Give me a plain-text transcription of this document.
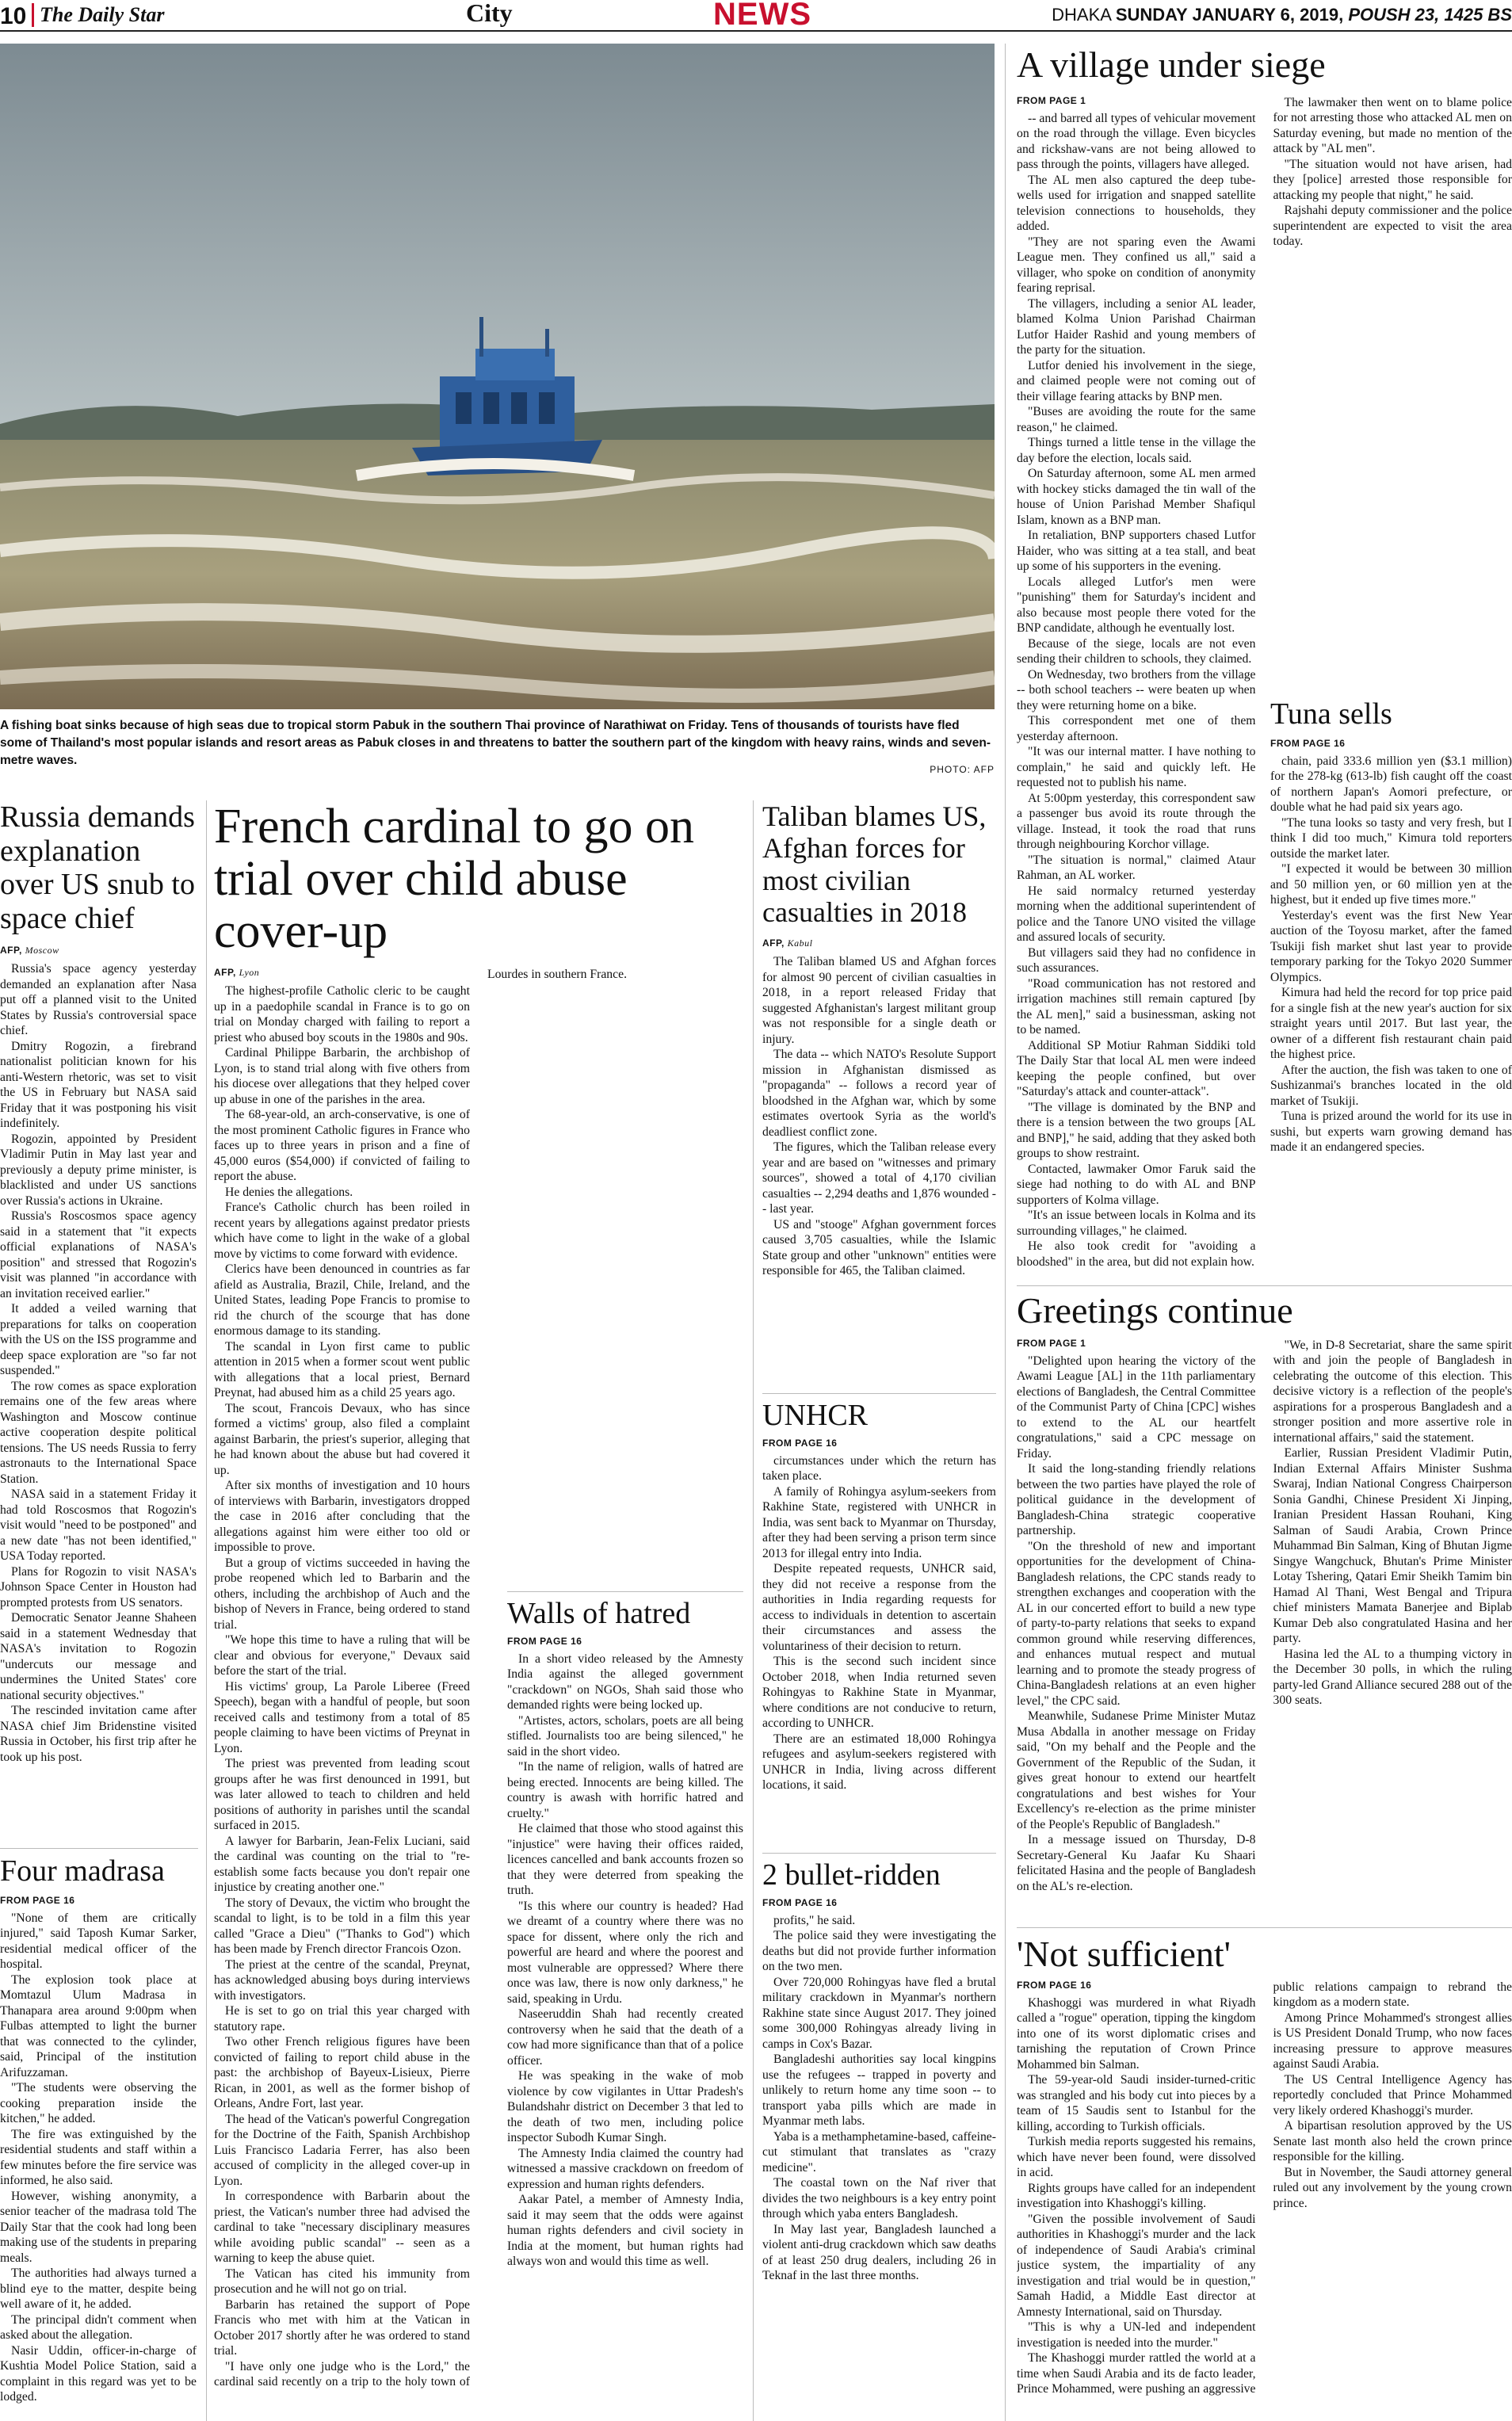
10 The Daily Star	City	NEWS	DHAKA SUNDAY JANUARY 6, 2019, POUSH 23, 1425 BS
A fishing boat sinks because of high seas due to tropical storm Pabuk in the southern Thai province of Narathiwat on Friday. Tens of thousands of tourists have fled some of Thailand's most popular islands and resort areas as Pabuk closes in and threatens to batter the southern part of the kingdom with heavy rains, winds and seven-metre waves.
PHOTO: AFP
A village under siege
FROM PAGE 1

-- and barred all types of vehicular movement on the road through the village. Even bicycles and rickshaw-vans are not being allowed to pass through the points, villagers have alleged.

The AL men also captured the deep tube-wells used for irrigation and snapped satellite television connections to households, they added.

"They are not sparing even the Awami League men. They confined us all," said a villager, who spoke on condition of anonymity fearing reprisal.

The villagers, including a senior AL leader, blamed Kolma Union Parishad Chairman Lutfor Haider Rashid and young members of the party for the situation.

Lutfor denied his involvement in the siege, and claimed people were not coming out of their village fearing attacks by BNP men.

"Buses are avoiding the route for the same reason," he claimed.

Things turned a little tense in the village the day before the election, locals said.

On Saturday afternoon, some AL men armed with hockey sticks damaged the tin wall of the house of Union Parishad Member Shafiqul Islam, known as a BNP man.

In retaliation, BNP supporters chased Lutfor Haider, who was sitting at a tea stall, and beat up some of his supporters in the evening.

Locals alleged Lutfor's men were "punishing" them for Saturday's incident and also because most people there voted for the BNP candidate, although he eventually lost.

Because of the siege, locals are not even sending their children to schools, they claimed.

On Wednesday, two brothers from the village -- both school teachers -- were beaten up when they were returning home on a bike.

This correspondent met one of them yesterday afternoon.

"It was our internal matter. I have nothing to complain," he said and quickly left. He requested not to publish his name.

At 5:00pm yesterday, this correspondent saw a passenger bus avoid its route through the village. Instead, it took the road that runs through neighbouring Korchor village.

"The situation is normal," claimed Ataur Rahman, an AL worker.

He said normalcy returned yesterday morning when the additional superintendent of police and the Tanore UNO visited the village and assured locals of security.

But villagers said they had no confidence in such assurances.

"Road communication has not restored and irrigation machines still remain captured [by the AL men]," said a businessman, asking not to be named.

Additional SP Motiur Rahman Siddiki told The Daily Star that local AL men were indeed keeping the people confined, but over "Saturday's attack and counter-attack".

"The village is dominated by the BNP and there is a tension between the two groups [AL and BNP]," he said, adding that they asked both groups to show restraint.

Contacted, lawmaker Omor Faruk said the siege had nothing to do with AL and BNP supporters of Kolma village.

"It's an issue between locals in Kolma and its surrounding villages," he claimed.

He also took credit for "avoiding a bloodshed" in the area, but did not explain how.

The lawmaker then went on to blame police for not arresting those who attacked AL men on Saturday evening, but made no mention of the attack by "AL men".

"The situation would not have arisen, had they [police] arrested those responsible for attacking my people that night," he said.

Rajshahi deputy commissioner and the police superintendent are expected to visit the area today.

Tuna sells
FROM PAGE 16

chain, paid 333.6 million yen ($3.1 million) for the 278-kg (613-lb) fish caught off the coast of northern Japan's Aomori prefecture, or double what he had paid six years ago.

"The tuna looks so tasty and very fresh, but I think I did too much," Kimura told reporters outside the market later.

"I expected it would be between 30 million and 50 million yen, or 60 million yen at the highest, but it ended up five times more."

Yesterday's event was the first New Year auction of the Toyosu market, after the famed Tsukiji fish market shut last year to provide temporary parking for the Tokyo 2020 Summer Olympics.

Kimura had held the record for top price paid for a single fish at the new year's auction for six straight years until 2017. But last year, the owner of a different fish restaurant chain paid the highest price.

After the auction, the fish was taken to one of Sushizanmai's branches located in the old market of Tsukiji.

Tuna is prized around the world for its use in sushi, but experts warn growing demand has made it an endangered species.

Russia demands explanation over US snub to space chief
AFP, Moscow

Russia's space agency yesterday demanded an explanation after Nasa put off a planned visit to the United States by Russia's controversial space chief.

Dmitry Rogozin, a firebrand nationalist politician known for his anti-Western rhetoric, was set to visit the US in February but NASA said Friday that it was postponing his visit indefinitely.

Rogozin, appointed by President Vladimir Putin in May last year and previously a deputy prime minister, is blacklisted and under US sanctions over Russia's actions in Ukraine.

Russia's Roscosmos space agency said in a statement that "it expects official explanations of NASA's position" and stressed that Rogozin's visit was planned "in accordance with an invitation received earlier."

It added a veiled warning that preparations for talks on cooperation with the US on the ISS programme and deep space exploration are "so far not suspended."

The row comes as space exploration remains one of the few areas where Washington and Moscow continue active cooperation despite political tensions. The US needs Russia to ferry astronauts to the International Space Station.

NASA said in a statement Friday it had told Roscosmos that Rogozin's visit would "need to be postponed" and a new date "has not been identified," USA Today reported.

Plans for Rogozin to visit NASA's Johnson Space Center in Houston had prompted protests from US senators.

Democratic Senator Jeanne Shaheen said in a statement Wednesday that NASA's invitation to Rogozin "undercuts our message and undermines the United States' core national security objectives."

The rescinded invitation came after NASA chief Jim Bridenstine visited Russia in October, his first trip after he took up his post.

Four madrasa
FROM PAGE 16

"None of them are critically injured," said Taposh Kumar Sarker, residential medical officer of the hospital.

The explosion took place at Momtazul Ulum Madrasa in Thanapara area around 9:00pm when Fulbas attempted to light the burner that was connected to the cylinder, said, Principal of the institution Arifuzzaman.

"The students were observing the cooking preparation inside the kitchen," he added.

The fire was extinguished by the residential students and staff within a few minutes before the fire service was informed, he also said.

However, wishing anonymity, a senior teacher of the madrasa told The Daily Star that the cook had long been making use of the students in preparing meals.

The authorities had always turned a blind eye to the matter, despite being well aware of it, he added.

The principal didn't comment when asked about the allegation.

Nasir Uddin, officer-in-charge of Kushtia Model Police Station, said a complaint in this regard was yet to be lodged.

French cardinal to go on trial over child abuse cover-up
AFP, Lyon

The highest-profile Catholic cleric to be caught up in a paedophile scandal in France is to go on trial on Monday charged with failing to report a priest who abused boy scouts in the 1980s and 90s.

Cardinal Philippe Barbarin, the archbishop of Lyon, is to stand trial along with five others from his diocese over allegations that they helped cover up abuse in one of the parishes in the area.

The 68-year-old, an arch-conservative, is one of the most prominent Catholic figures in France who faces up to three years in prison and a fine of 45,000 euros ($54,000) if convicted of failing to report the abuse.

He denies the allegations.

France's Catholic church has been roiled in recent years by allegations against predator priests which have come to light in the wake of a global move by victims to come forward with evidence.

Clerics have been denounced in countries as far afield as Australia, Brazil, Chile, Ireland, and the United States, leading Pope Francis to promise to rid the church of the scourge that has done enormous damage to its standing.

The scandal in Lyon first came to public attention in 2015 when a former scout went public with allegations that a local priest, Bernard Preynat, had abused him as a child 25 years ago.

The scout, Francois Devaux, who has since formed a victims' group, also filed a complaint against Barbarin, the priest's superior, alleging that he had known about the abuse but had covered it up.

After six months of investigation and 10 hours of interviews with Barbarin, investigators dropped the case in 2016 after concluding that the allegations against him were either too old or impossible to prove.

But a group of victims succeeded in having the probe reopened which led to Barbarin and the others, including the archbishop of Auch and the bishop of Nevers in France, being ordered to stand trial.

"We hope this time to have a ruling that will be clear and obvious for everyone," Devaux said before the start of the trial.

His victims' group, La Parole Liberee (Freed Speech), began with a handful of people, but soon received calls and testimony from a total of 85 people claiming to have been victims of Preynat in Lyon.

The priest was prevented from leading scout groups after he was first denounced in 1991, but was later allowed to teach to children and held positions of authority in parishes until the scandal surfaced in 2015.

A lawyer for Barbarin, Jean-Felix Luciani, said the cardinal was counting on the trial to "re-establish some facts because you don't repair one injustice by creating another one."

The story of Devaux, the victim who brought the scandal to light, is to be told in a film this year called "Grace a Dieu" ("Thanks to God") which has been made by French director Francois Ozon.

The priest at the centre of the scandal, Preynat, has acknowledged abusing boys during interviews with investigators.

He is set to go on trial this year charged with statutory rape.

Two other French religious figures have been convicted of failing to report child abuse in the past: the archbishop of Bayeux-Lisieux, Pierre Rican, in 2001, as well as the former bishop of Orleans, Andre Fort, last year.

The head of the Vatican's powerful Congregation for the Doctrine of the Faith, Spanish Archbishop Luis Francisco Ladaria Ferrer, has also been accused of complicity in the alleged cover-up in Lyon.

In correspondence with Barbarin about the priest, the Vatican's number three had advised the cardinal to take "necessary disciplinary measures while avoiding public scandal" -- seen as a warning to keep the abuse quiet.

The Vatican has cited his immunity from prosecution and he will not go on trial.

Barbarin has retained the support of Pope Francis who met with him at the Vatican in October 2017 shortly after he was ordered to stand trial.

"I have only one judge who is the Lord," the cardinal said recently on a trip to the holy town of Lourdes in southern France.

Walls of hatred
FROM PAGE 16

In a short video released by the Amnesty India against the alleged government "crackdown" on NGOs, Shah said those who demanded rights were being locked up.

"Artistes, actors, scholars, poets are all being stifled. Journalists too are being silenced," he said in the short video.

"In the name of religion, walls of hatred are being erected. Innocents are being killed. The country is awash with horrific hatred and cruelty."

He claimed that those who stood against this "injustice" were having their offices raided, licences cancelled and bank accounts frozen so that they were deterred from speaking the truth.

"Is this where our country is headed? Had we dreamt of a country where there was no space for dissent, where only the rich and powerful are heard and where the poorest and most vulnerable are oppressed? Where there once was law, there is now only darkness," he said, speaking in Urdu.

Naseeruddin Shah had recently created controversy when he said that the death of a cow had more significance than that of a police officer.

He was speaking in the wake of mob violence by cow vigilantes in Uttar Pradesh's Bulandshahr district on December 3 that led to the death of two men, including police inspector Subodh Kumar Singh.

The Amnesty India claimed the country had witnessed a massive crackdown on freedom of expression and human rights defenders.

Aakar Patel, a member of Amnesty India, said it may seem that the odds were against human rights defenders and civil society in India at the moment, but human rights had always won and would this time as well.

Taliban blames US, Afghan forces for most civilian casualties in 2018
AFP, Kabul

The Taliban blamed US and Afghan forces for almost 90 percent of civilian casualties in 2018, in a report released Friday that suggested Afghanistan's largest militant group was not responsible for a single death or injury.

The data -- which NATO's Resolute Support mission in Afghanistan dismissed as "propaganda" -- follows a record year of bloodshed in the Afghan war, which by some estimates overtook Syria as the world's deadliest conflict zone.

The figures, which the Taliban release every year and are based on "witnesses and primary sources", showed a total of 4,170 civilian casualties -- 2,294 deaths and 1,876 wounded -- last year.

US and "stooge" Afghan government forces caused 3,705 casualties, while the Islamic State group and other "unknown" entities were responsible for 465, the Taliban claimed.

UNHCR
FROM PAGE 16

circumstances under which the return has taken place.

A family of Rohingya asylum-seekers from Rakhine State, registered with UNHCR in India, was sent back to Myanmar on Thursday, after they had been serving a prison term since 2013 for illegal entry into India.

Despite repeated requests, UNHCR said, they did not receive a response from the authorities in India regarding requests for access to individuals in detention to ascertain their circumstances and assess the voluntariness of their decision to return.

This is the second such incident since October 2018, when India returned seven Rohingyas to Rakhine State in Myanmar, where conditions are not conducive to return, according to UNHCR.

There are an estimated 18,000 Rohingya refugees and asylum-seekers registered with UNHCR in India, living across different locations, it said.

2 bullet-ridden
FROM PAGE 16

profits," he said.

The police said they were investigating the deaths but did not provide further information on the two men.

Over 720,000 Rohingyas have fled a brutal military crackdown in Myanmar's northern Rakhine state since August 2017. They joined some 300,000 Rohingyas already living in camps in Cox's Bazar.

Bangladeshi authorities say local kingpins use the refugees -- trapped in poverty and unlikely to return home any time soon -- to transport yaba pills which are made in Myanmar meth labs.

Yaba is a methamphetamine-based, caffeine-cut stimulant that translates as "crazy medicine".

The coastal town on the Naf river that divides the two neighbours is a key entry point through which yaba enters Bangladesh.

In May last year, Bangladesh launched a violent anti-drug crackdown which saw deaths of at least 250 drug dealers, including 26 in Teknaf in the last three months.

Greetings continue
FROM PAGE 1

"Delighted upon hearing the victory of the Awami League [AL] in the 11th parliamentary elections of Bangladesh, the Central Committee of the Communist Party of China [CPC] wishes to extend to the AL our heartfelt congratulations," said a CPC message on Friday.

It said the long-standing friendly relations between the two parties have played the role of political guidance in the development of Bangladesh-China strategic cooperative partnership.

"On the threshold of new and important opportunities for the development of China-Bangladesh relations, the CPC stands ready to strengthen exchanges and cooperation with the AL in our concerted effort to build a new type of party-to-party relations that seeks to expand common ground while reserving differences, and enhances mutual respect and mutual learning and to promote the steady progress of China-Bangladesh relations at an even higher level," the CPC said.

Meanwhile, Sudanese Prime Minister Mutaz Musa Abdalla in another message on Friday said, "On my behalf and the People and the Government of the Republic of the Sudan, it gives great honour to extend our heartfelt congratulations and best wishes for Your Excellency's re-election as the prime minister of the People's Republic of Bangladesh."

In a message issued on Thursday, D-8 Secretary-General Ku Jaafar Ku Shaari felicitated Hasina and the people of Bangladesh on the AL's re-election.

"We, in D-8 Secretariat, share the same spirit with and join the people of Bangladesh in celebrating the outcome of this election. This decisive victory is a reflection of the people's aspirations for a prosperous Bangladesh and a stronger position and more assertive role in international affairs," said the statement.

Earlier, Russian President Vladimir Putin, Indian External Affairs Minister Sushma Swaraj, Indian National Congress Chairperson Sonia Gandhi, Chinese President Xi Jinping, Iranian President Hassan Rouhani, King Salman of Saudi Arabia, Crown Prince Muhammad Bin Salman, King of Bhutan Jigme Singye Wangchuck, Bhutan's Prime Minister Lotay Tshering, Qatari Emir Sheikh Tamim bin Hamad Al Thani, West Bengal and Tripura chief ministers Mamata Banerjee and Biplab Kumar Deb also congratulated Hasina and her party.

Hasina led the AL to a thumping victory in the December 30 polls, in which the ruling party-led Grand Alliance secured 288 out of the 300 seats.

'Not sufficient'
FROM PAGE 16

Khashoggi was murdered in what Riyadh called a "rogue" operation, tipping the kingdom into one of its worst diplomatic crises and tarnishing the reputation of Crown Prince Mohammed bin Salman.

The 59-year-old Saudi insider-turned-critic was strangled and his body cut into pieces by a team of 15 Saudis sent to Istanbul for the killing, according to Turkish officials.

Turkish media reports suggested his remains, which have never been found, were dissolved in acid.

Rights groups have called for an independent investigation into Khashoggi's killing.

"Given the possible involvement of Saudi authorities in Khashoggi's murder and the lack of independence of Saudi Arabia's criminal justice system, the impartiality of any investigation and trial would be in question," Samah Hadid, a Middle East director at Amnesty International, said on Thursday.

"This is why a UN-led and independent investigation is needed into the murder."

The Khashoggi murder rattled the world at a time when Saudi Arabia and its de facto leader, Prince Mohammed, were pushing an aggressive public relations campaign to rebrand the kingdom as a modern state.

Among Prince Mohammed's strongest allies is US President Donald Trump, who now faces increasing pressure to approve measures against Saudi Arabia.

The US Central Intelligence Agency has reportedly concluded that Prince Mohammed very likely ordered Khashoggi's murder.

A bipartisan resolution approved by the US Senate last month also held the crown prince responsible for the killing.

But in November, the Saudi attorney general ruled out any involvement by the young crown prince.
